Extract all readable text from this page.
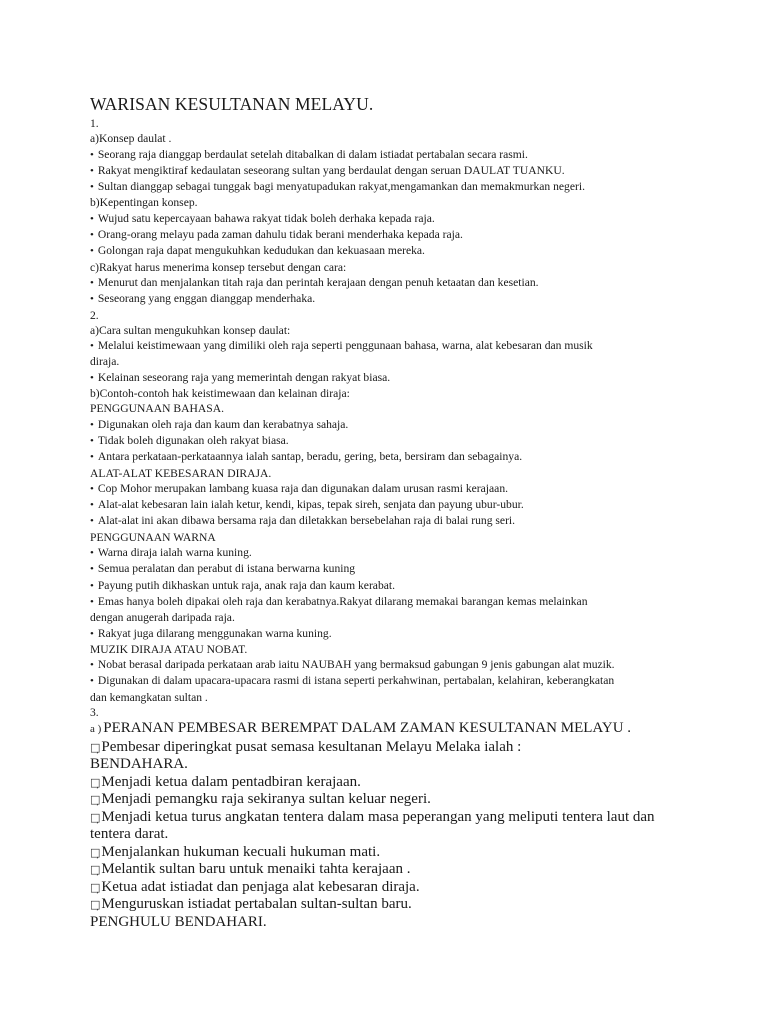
WARISAN KESULTANAN MELAYU.
1.
a)Konsep daulat .
• Seorang raja dianggap berdaulat setelah ditabalkan di dalam istiadat pertabalan secara rasmi.
• Rakyat mengiktiraf kedaulatan seseorang sultan yang berdaulat dengan seruan DAULAT TUANKU.
• Sultan dianggap sebagai tunggak bagi menyatupadukan rakyat,mengamankan dan memakmurkan negeri.
b)Kepentingan konsep.
• Wujud satu kepercayaan bahawa rakyat tidak boleh derhaka kepada raja.
• Orang-orang melayu pada zaman dahulu tidak berani menderhaka kepada raja.
• Golongan raja dapat mengukuhkan kedudukan dan kekuasaan mereka.
c)Rakyat harus menerima konsep tersebut dengan cara:
• Menurut dan menjalankan titah raja dan perintah kerajaan dengan penuh ketaatan dan kesetian.
• Seseorang yang enggan dianggap menderhaka.
2.
a)Cara sultan mengukuhkan konsep daulat:
• Melalui keistimewaan yang dimiliki oleh raja seperti penggunaan bahasa, warna, alat kebesaran dan musik
diraja.
• Kelainan seseorang raja yang memerintah dengan rakyat biasa.
b)Contoh-contoh hak keistimewaan dan kelainan diraja:
PENGGUNAAN BAHASA.
• Digunakan oleh raja dan kaum dan kerabatnya sahaja.
• Tidak boleh digunakan oleh rakyat biasa.
• Antara perkataan-perkataannya ialah santap, beradu, gering, beta, bersiram dan sebagainya.
ALAT-ALAT KEBESARAN DIRAJA.
• Cop Mohor merupakan lambang kuasa raja dan digunakan dalam urusan rasmi kerajaan.
• Alat-alat kebesaran lain ialah ketur, kendi, kipas, tepak sireh, senjata dan payung ubur-ubur.
• Alat-alat ini akan dibawa bersama raja dan diletakkan bersebelahan raja di balai rung seri.
PENGGUNAAN WARNA
• Warna diraja ialah warna kuning.
• Semua peralatan dan perabut di istana berwarna kuning
• Payung putih dikhaskan untuk raja, anak raja dan kaum kerabat.
• Emas hanya boleh dipakai oleh raja dan kerabatnya.Rakyat dilarang memakai barangan kemas melainkan
dengan anugerah daripada raja.
• Rakyat juga dilarang menggunakan warna kuning.
MUZIK DIRAJA ATAU NOBAT.
• Nobat berasal daripada perkataan arab iaitu NAUBAH yang bermaksud gabungan 9 jenis gabungan alat muzik.
• Digunakan di dalam upacara-upacara rasmi di istana seperti perkahwinan, pertabalan, kelahiran, keberangkatan
dan kemangkatan sultan .
3.
a ) PERANAN PEMBESAR BEREMPAT DALAM ZAMAN KESULTANAN MELAYU .
□̦Pembesar diperingkat pusat semasa kesultanan Melayu Melaka ialah :
BENDAHARA.
□̦Menjadi ketua dalam pentadbiran kerajaan.
□̦Menjadi pemangku raja sekiranya sultan keluar negeri.
□̦Menjadi ketua turus angkatan tentera dalam masa peperangan yang meliputi tentera laut dan
tentera darat.
□̦Menjalankan hukuman kecuali hukuman mati.
□̦Melantik sultan baru untuk menaiki tahta kerajaan .
□̦Ketua adat istiadat dan penjaga alat kebesaran diraja.
□̦Menguruskan istiadat pertabalan sultan-sultan baru.
PENGHULU BENDAHARI.
